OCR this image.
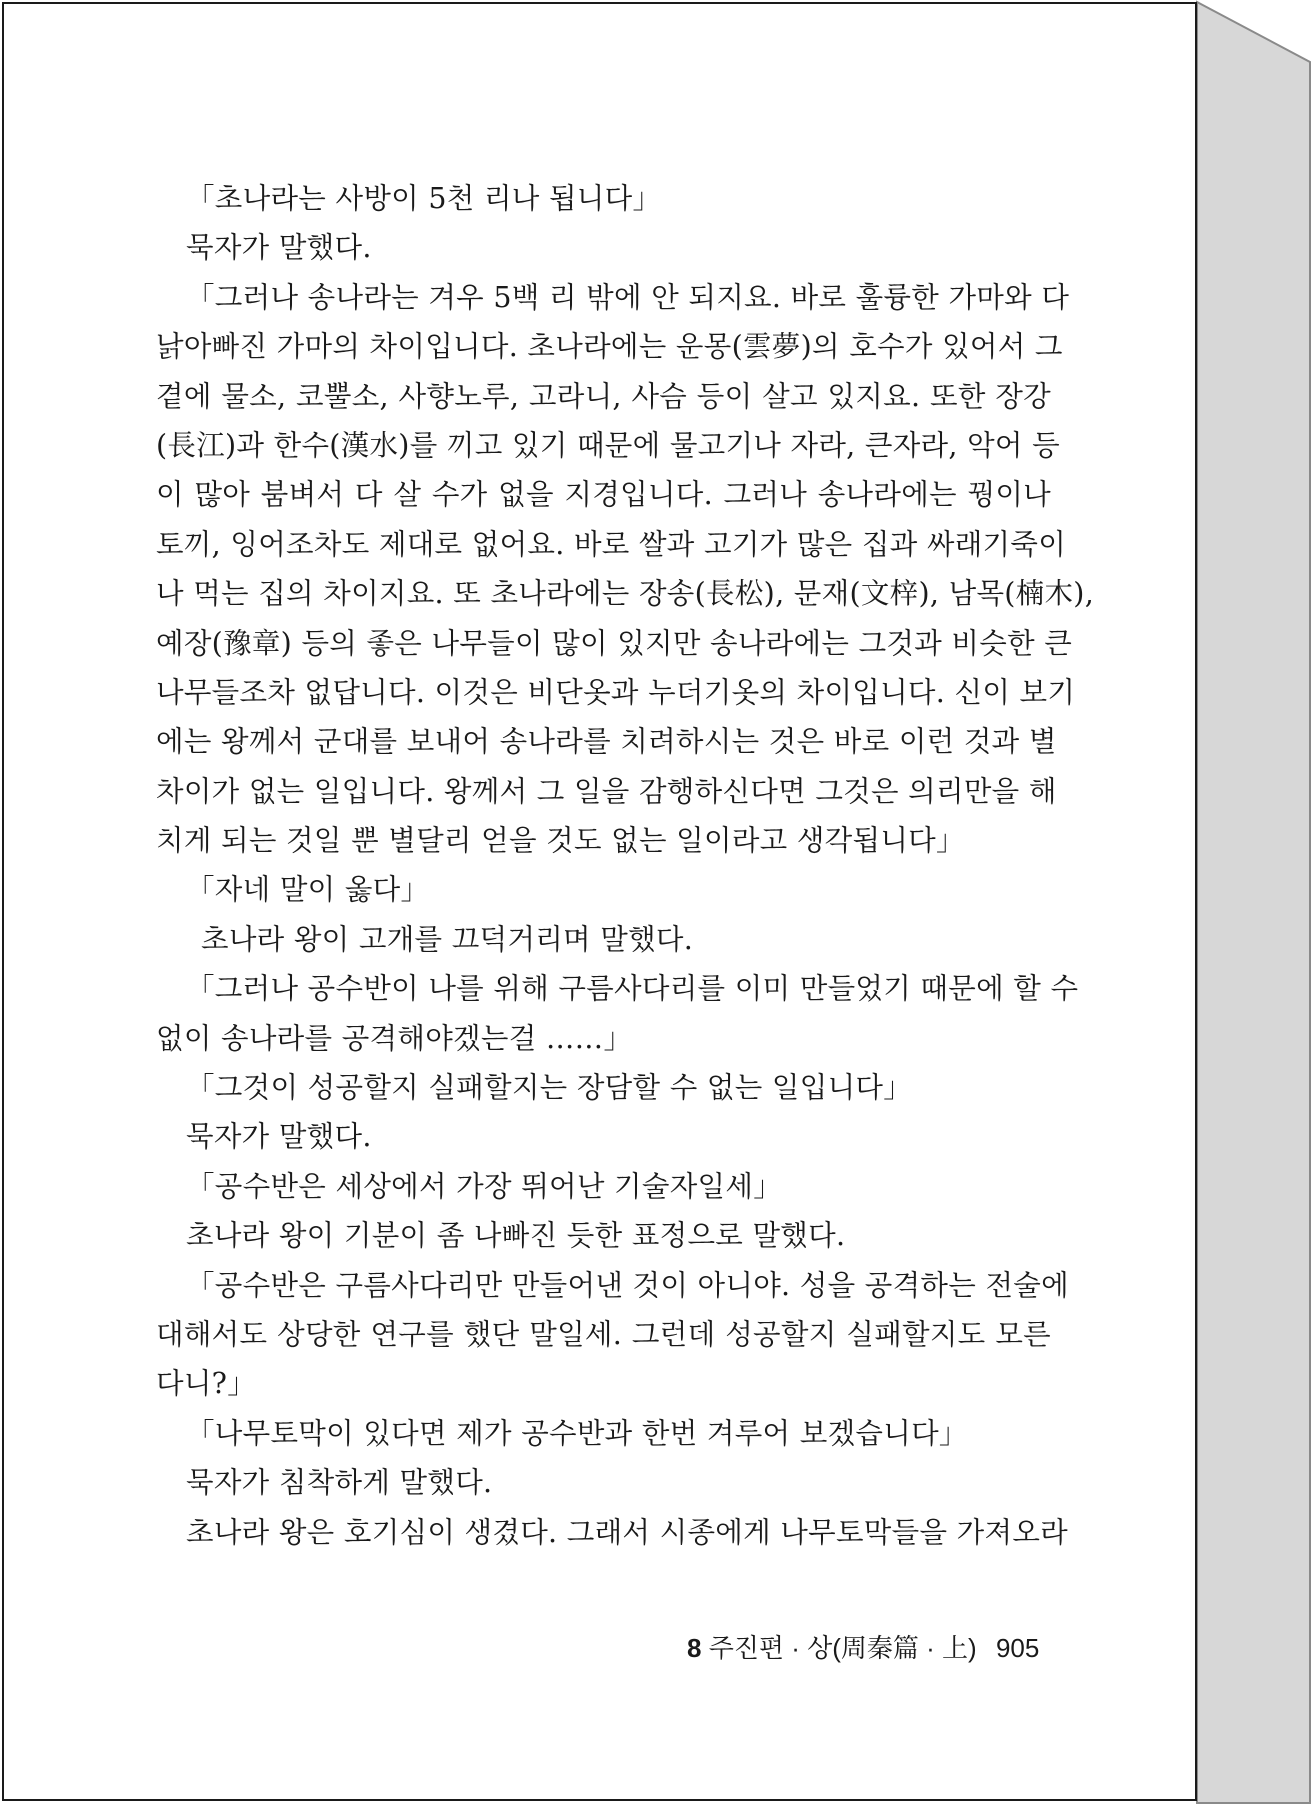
「초나라는 사방이 5천 리나 됩니다」
묵자가 말했다.
「그러나 송나라는 겨우 5백 리 밖에 안 되지요. 바로 훌륭한 가마와 다
낡아빠진 가마의 차이입니다. 초나라에는 운몽(雲夢)의 호수가 있어서 그
곁에 물소, 코뿔소, 사향노루, 고라니, 사슴 등이 살고 있지요. 또한 장강
(長江)과 한수(漢水)를 끼고 있기 때문에 물고기나 자라, 큰자라, 악어 등
이 많아 붐벼서 다 살 수가 없을 지경입니다. 그러나 송나라에는 꿩이나
토끼, 잉어조차도 제대로 없어요. 바로 쌀과 고기가 많은 집과 싸래기죽이
나 먹는 집의 차이지요. 또 초나라에는 장송(長松), 문재(文梓), 남목(楠木),
예장(豫章) 등의 좋은 나무들이 많이 있지만 송나라에는 그것과 비슷한 큰
나무들조차 없답니다. 이것은 비단옷과 누더기옷의 차이입니다. 신이 보기
에는 왕께서 군대를 보내어 송나라를 치려하시는 것은 바로 이런 것과 별
차이가 없는 일입니다. 왕께서 그 일을 감행하신다면 그것은 의리만을 해
치게 되는 것일 뿐 별달리 얻을 것도 없는 일이라고 생각됩니다」
「자네 말이 옳다」
초나라 왕이 고개를 끄덕거리며 말했다.
「그러나 공수반이 나를 위해 구름사다리를 이미 만들었기 때문에 할 수
없이 송나라를 공격해야겠는걸 ……」
「그것이 성공할지 실패할지는 장담할 수 없는 일입니다」
묵자가 말했다.
「공수반은 세상에서 가장 뛰어난 기술자일세」
초나라 왕이 기분이 좀 나빠진 듯한 표정으로 말했다.
「공수반은 구름사다리만 만들어낸 것이 아니야. 성을 공격하는 전술에
대해서도 상당한 연구를 했단 말일세. 그런데 성공할지 실패할지도 모른
다니?」
「나무토막이 있다면 제가 공수반과 한번 겨루어 보겠습니다」
묵자가 침착하게 말했다.
초나라 왕은 호기심이 생겼다. 그래서 시종에게 나무토막들을 가져오라
8 주진편 · 상(周秦篇 · 上) 905
